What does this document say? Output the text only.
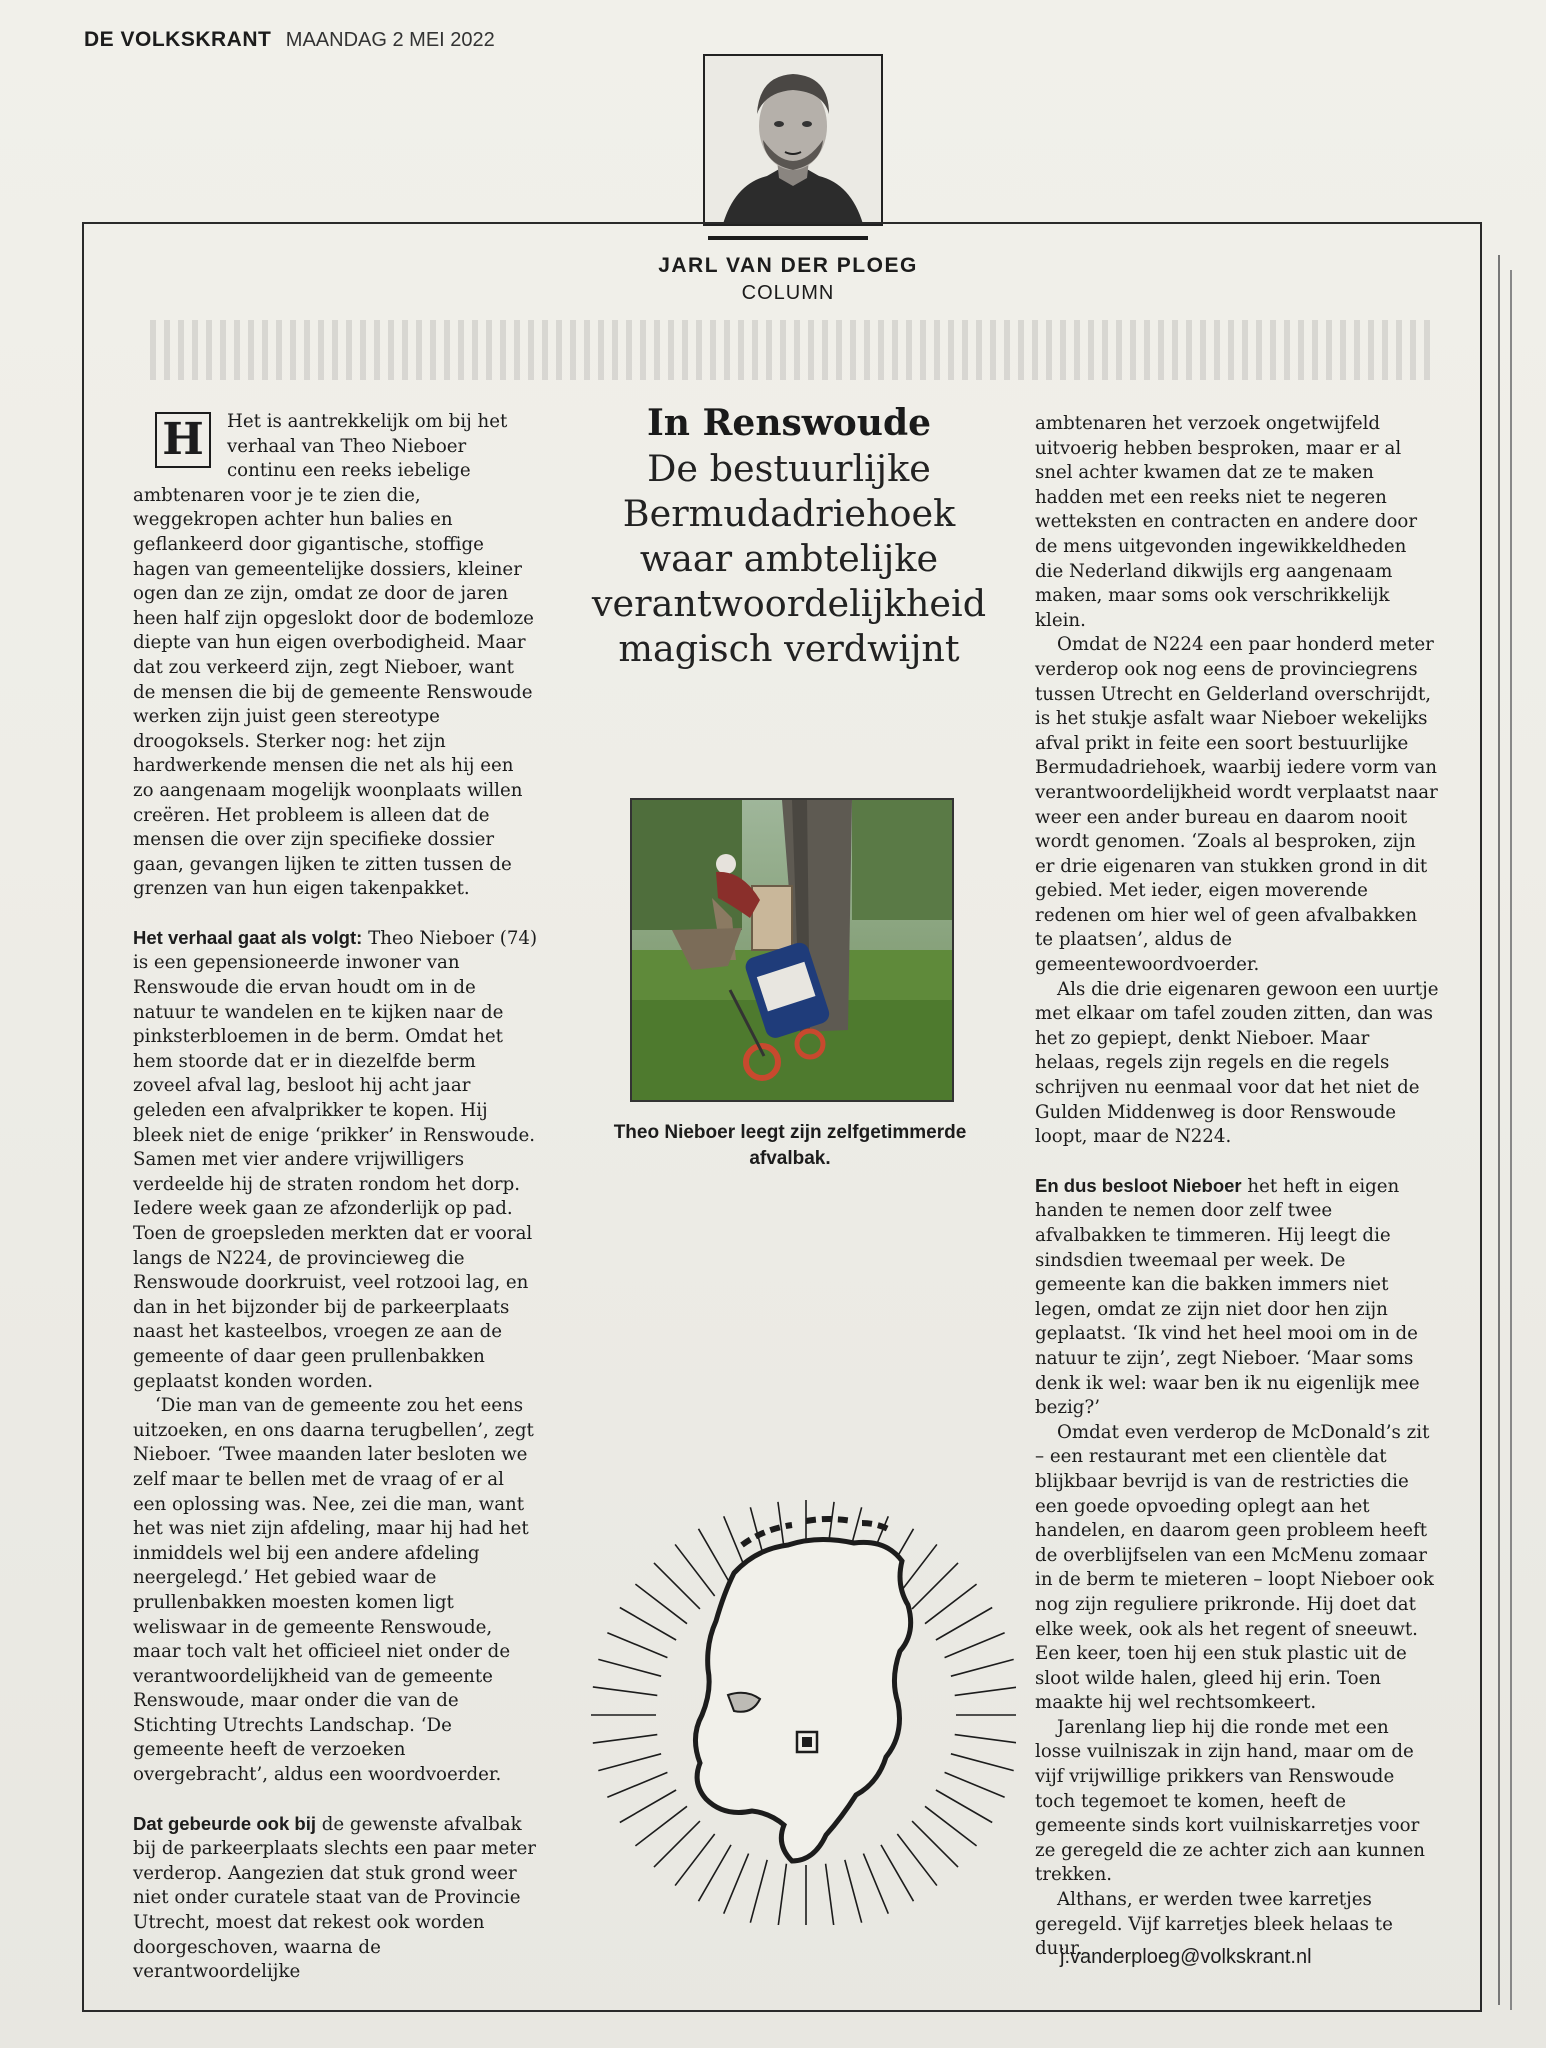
DE VOLKSKRANT MAANDAG 2 MEI 2022
JARL VAN DER PLOEG
COLUMN

H	Het is aantrekkelijk om bij het verhaal van Theo Nieboer continu een reeks iebelige ambtenaren voor je te zien die, weggekropen achter hun balies en geflankeerd door gigantische, stoffige hagen van gemeentelijke dossiers, kleiner ogen dan ze zijn, omdat ze door de jaren heen half zijn opgeslokt door de bodemloze diepte van hun eigen overbodigheid. Maar dat zou verkeerd zijn, zegt Nieboer, want de mensen die bij de gemeente Renswoude werken zijn juist geen stereotype droogoksels. Sterker nog: het zijn hardwerkende mensen die net als hij een zo aangenaam mogelijk woonplaats willen creëren. Het probleem is alleen dat de mensen die over zijn specifieke dossier gaan, gevangen lijken te zitten tussen de grenzen van hun eigen takenpakket.

Het verhaal gaat als volgt: Theo Nieboer (74) is een gepensioneerde inwoner van Renswoude die ervan houdt om in de natuur te wandelen en te kijken naar de pinksterbloemen in de berm. Omdat het hem stoorde dat er in diezelfde berm zoveel afval lag, besloot hij acht jaar geleden een afvalprikker te kopen. Hij bleek niet de enige ‘prikker’ in Renswoude. Samen met vier andere vrijwilligers verdeelde hij de straten rondom het dorp. Iedere week gaan ze afzonderlijk op pad. Toen de groepsleden merkten dat er vooral langs de N224, de provincieweg die Renswoude doorkruist, veel rotzooi lag, en dan in het bijzonder bij de parkeerplaats naast het kasteelbos, vroegen ze aan de gemeente of daar geen prullenbakken geplaatst konden worden.

‘Die man van de gemeente zou het eens uitzoeken, en ons daarna terugbellen’, zegt Nieboer. ‘Twee maanden later besloten we zelf maar te bellen met de vraag of er al een oplossing was. Nee, zei die man, want het was niet zijn afdeling, maar hij had het inmiddels wel bij een andere afdeling neergelegd.’ Het gebied waar de prullenbakken moesten komen ligt weliswaar in de gemeente Renswoude, maar toch valt het officieel niet onder de verantwoordelijkheid van de gemeente Renswoude, maar onder die van de Stichting Utrechts Landschap. ‘De gemeente heeft de verzoeken overgebracht’, aldus een woordvoerder.

Dat gebeurde ook bij de gewenste afvalbak bij de parkeerplaats slechts een paar meter verderop. Aangezien dat stuk grond weer niet onder curatele staat van de Provincie Utrecht, moest dat rekest ook worden doorgeschoven, waarna de verantwoordelijke

In Renswoude
De bestuurlijke Bermudadriehoek waar ambtelijke verantwoordelijkheid magisch verdwijnt
Theo Nieboer leegt zijn zelfgetimmerde afvalbak.

ambtenaren het verzoek ongetwijfeld uitvoerig hebben besproken, maar er al snel achter kwamen dat ze te maken hadden met een reeks niet te negeren wetteksten en contracten en andere door de mens uitgevonden ingewikkeldheden die Nederland dikwijls erg aangenaam maken, maar soms ook verschrikkelijk klein.

Omdat de N224 een paar honderd meter verderop ook nog eens de provinciegrens tussen Utrecht en Gelderland overschrijdt, is het stukje asfalt waar Nieboer wekelijks afval prikt in feite een soort bestuurlijke Bermudadriehoek, waarbij iedere vorm van verantwoordelijkheid wordt verplaatst naar weer een ander bureau en daarom nooit wordt genomen. ‘Zoals al besproken, zijn er drie eigenaren van stukken grond in dit gebied. Met ieder, eigen moverende redenen om hier wel of geen afvalbakken te plaatsen’, aldus de gemeentewoordvoerder.

Als die drie eigenaren gewoon een uurtje met elkaar om tafel zouden zitten, dan was het zo gepiept, denkt Nieboer. Maar helaas, regels zijn regels en die regels schrijven nu eenmaal voor dat het niet de Gulden Middenweg is door Renswoude loopt, maar de N224.

En dus besloot Nieboer het heft in eigen handen te nemen door zelf twee afvalbakken te timmeren. Hij leegt die sindsdien tweemaal per week. De gemeente kan die bakken immers niet legen, omdat ze zijn niet door hen zijn geplaatst. ‘Ik vind het heel mooi om in de natuur te zijn’, zegt Nieboer. ‘Maar soms denk ik wel: waar ben ik nu eigenlijk mee bezig?’

Omdat even verderop de McDonald’s zit – een restaurant met een clientèle dat blijkbaar bevrijd is van de restricties die een goede opvoeding oplegt aan het handelen, en daarom geen probleem heeft de overblijfselen van een McMenu zomaar in de berm te mieteren – loopt Nieboer ook nog zijn reguliere prikronde. Hij doet dat elke week, ook als het regent of sneeuwt. Een keer, toen hij een stuk plastic uit de sloot wilde halen, gleed hij erin. Toen maakte hij wel rechtsomkeert.

Jarenlang liep hij die ronde met een losse vuilniszak in zijn hand, maar om de vijf vrijwillige prikkers van Renswoude toch tegemoet te komen, heeft de gemeente sinds kort vuilniskarretjes voor ze geregeld die ze achter zich aan kunnen trekken.

Althans, er werden twee karretjes geregeld. Vijf karretjes bleek helaas te duur.

j.vanderploeg@volkskrant.nl
